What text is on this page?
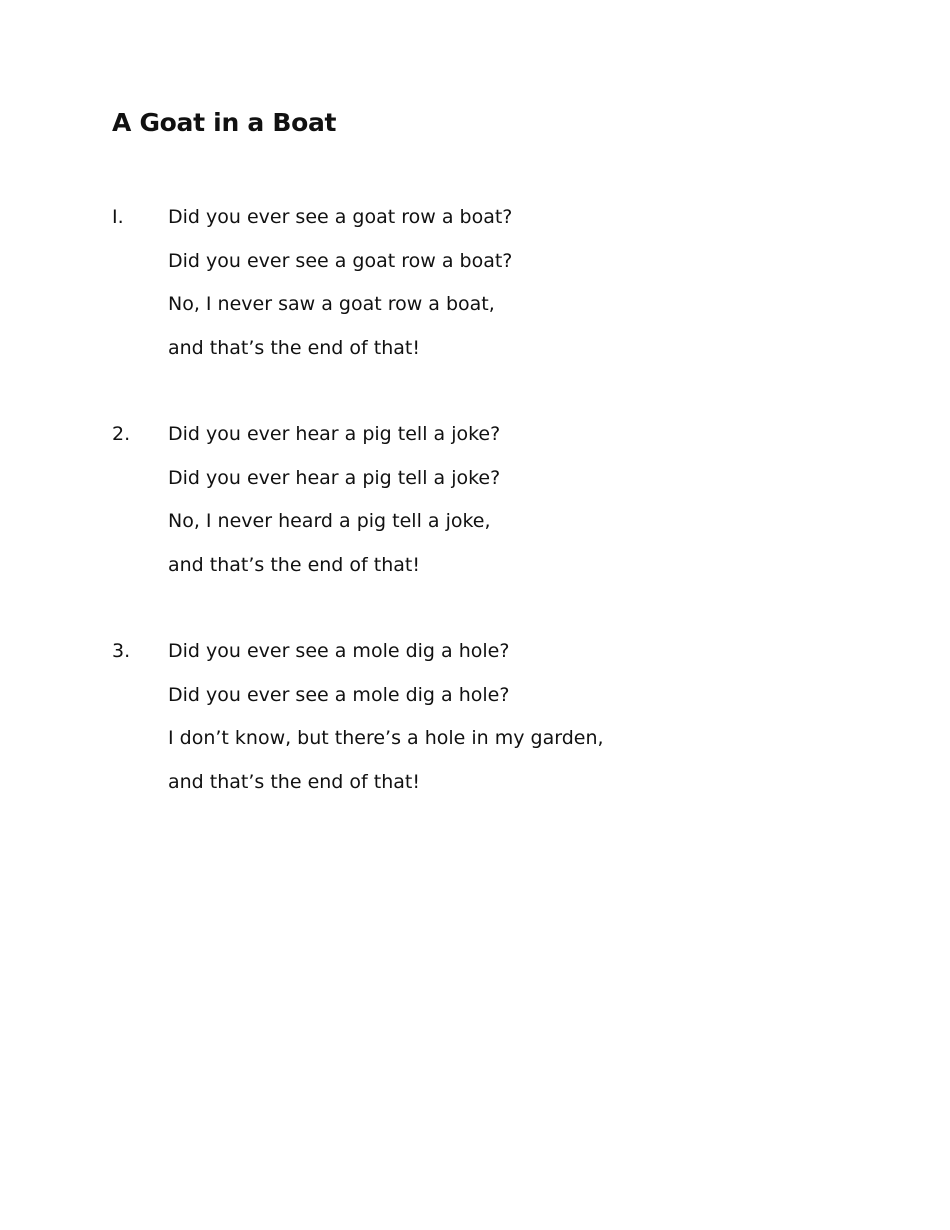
A Goat in a Boat
I. Did you ever see a goat row a boat?
Did you ever see a goat row a boat?
No, I never saw a goat row a boat,
and that’s the end of that!
2. Did you ever hear a pig tell a joke?
Did you ever hear a pig tell a joke?
No, I never heard a pig tell a joke,
and that’s the end of that!
3. Did you ever see a mole dig a hole?
Did you ever see a mole dig a hole?
I don’t know, but there’s a hole in my garden,
and that’s the end of that!
